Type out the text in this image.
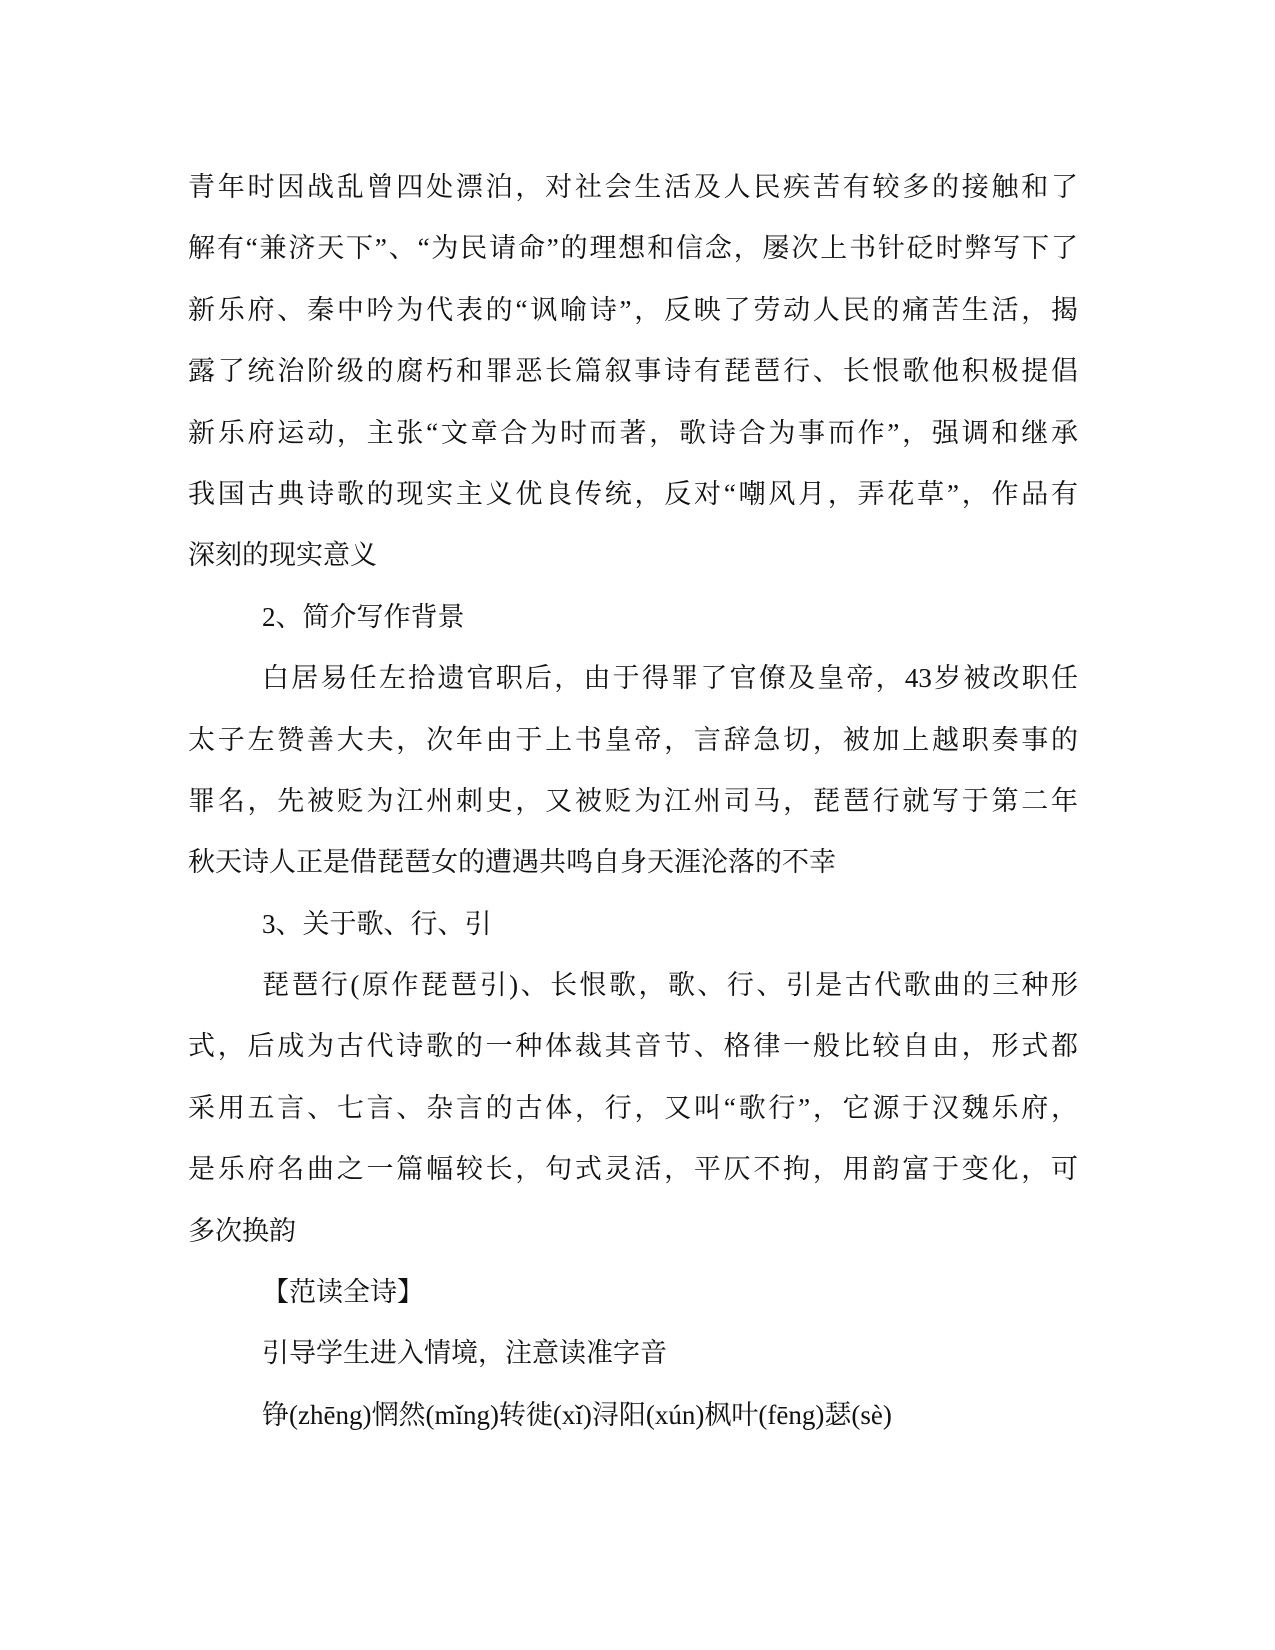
青年时因战乱曾四处漂泊，对社会生活及人民疾苦有较多的接触和了
解有“兼济天下”、“为民请命”的理想和信念，屡次上书针砭时弊写下了
新乐府、秦中吟为代表的“讽喻诗”，反映了劳动人民的痛苦生活，揭
露了统治阶级的腐朽和罪恶长篇叙事诗有琵琶行、长恨歌他积极提倡
新乐府运动，主张“文章合为时而著，歌诗合为事而作”，强调和继承
我国古典诗歌的现实主义优良传统，反对“嘲风月，弄花草”，作品有
深刻的现实意义
2、简介写作背景
白居易任左拾遗官职后，由于得罪了官僚及皇帝，43岁被改职任
太子左赞善大夫，次年由于上书皇帝，言辞急切，被加上越职奏事的
罪名，先被贬为江州刺史，又被贬为江州司马，琵琶行就写于第二年
秋天诗人正是借琵琶女的遭遇共鸣自身天涯沦落的不幸
3、关于歌、行、引
琵琶行(原作琵琶引)、长恨歌，歌、行、引是古代歌曲的三种形
式，后成为古代诗歌的一种体裁其音节、格律一般比较自由，形式都
采用五言、七言、杂言的古体，行，又叫“歌行”，它源于汉魏乐府，
是乐府名曲之一篇幅较长，句式灵活，平仄不拘，用韵富于变化，可
多次换韵
【范读全诗】
引导学生进入情境，注意读准字音
铮(zhēng)惘然(mǐng)转徙(xǐ)浔阳(xún)枫叶(fēng)瑟(sè)
